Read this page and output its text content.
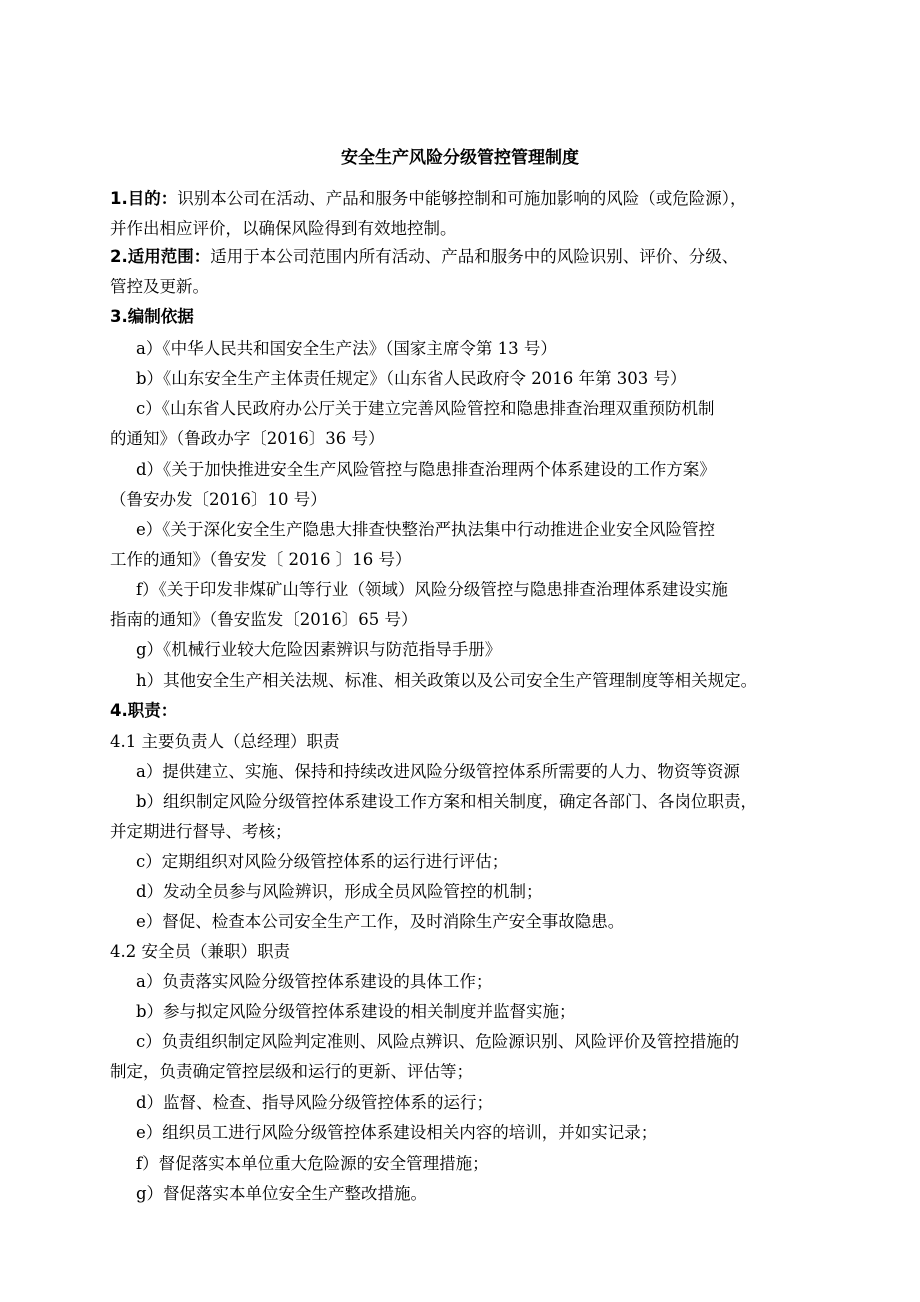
安全生产风险分级管控管理制度
1.目的：识别本公司在活动、产品和服务中能够控制和可施加影响的风险（或危险源），
并作出相应评价，以确保风险得到有效地控制。
2.适用范围：适用于本公司范围内所有活动、产品和服务中的风险识别、评价、分级、
管控及更新。
3.编制依据
a）《中华人民共和国安全生产法》（国家主席令第 13 号）
b）《山东安全生产主体责任规定》（山东省人民政府令 2016 年第 303 号）
c）《山东省人民政府办公厅关于建立完善风险管控和隐患排查治理双重预防机制
的通知》（鲁政办字〔2016〕36 号）
d）《关于加快推进安全生产风险管控与隐患排查治理两个体系建设的工作方案》
（鲁安办发〔2016〕10 号）
e）《关于深化安全生产隐患大排查快整治严执法集中行动推进企业安全风险管控
工作的通知》（鲁安发〔 2016 〕16 号）
f）《关于印发非煤矿山等行业（领域）风险分级管控与隐患排查治理体系建设实施
指南的通知》（鲁安监发〔2016〕65 号）
g）《机械行业较大危险因素辨识与防范指导手册》
h）其他安全生产相关法规、标准、相关政策以及公司安全生产管理制度等相关规定。
4.职责：
4.1 主要负责人（总经理）职责
a）提供建立、实施、保持和持续改进风险分级管控体系所需要的人力、物资等资源
b）组织制定风险分级管控体系建设工作方案和相关制度，确定各部门、各岗位职责，
并定期进行督导、考核；
c）定期组织对风险分级管控体系的运行进行评估；
d）发动全员参与风险辨识，形成全员风险管控的机制；
e）督促、检查本公司安全生产工作，及时消除生产安全事故隐患。
4.2 安全员（兼职）职责
a）负责落实风险分级管控体系建设的具体工作；
b）参与拟定风险分级管控体系建设的相关制度并监督实施；
c）负责组织制定风险判定准则、风险点辨识、危险源识别、风险评价及管控措施的
制定，负责确定管控层级和运行的更新、评估等；
d）监督、检查、指导风险分级管控体系的运行；
e）组织员工进行风险分级管控体系建设相关内容的培训，并如实记录；
f）督促落实本单位重大危险源的安全管理措施；
g）督促落实本单位安全生产整改措施。
